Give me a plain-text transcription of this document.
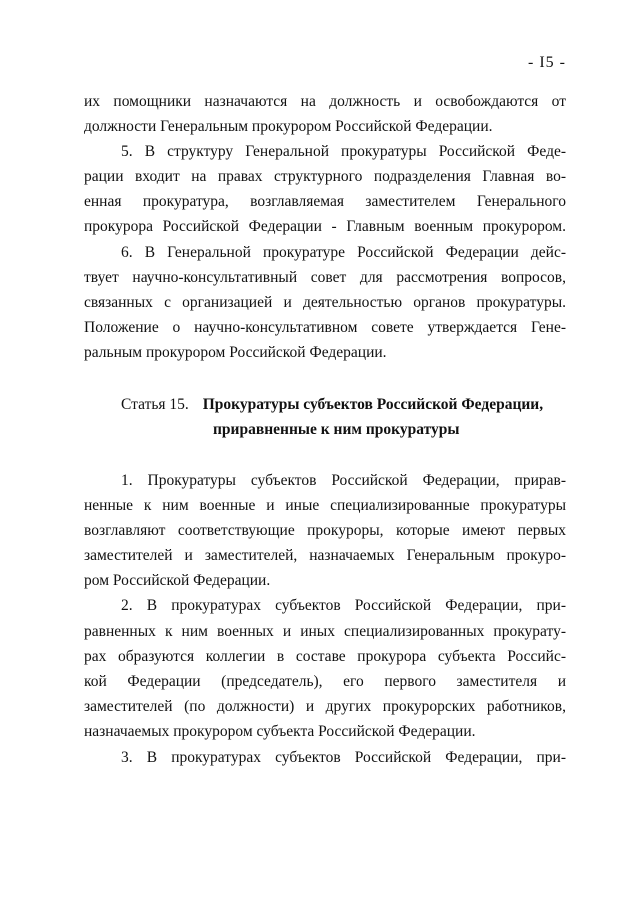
- I5 -
их помощники назначаются на должность и освобождаются от
должности Генеральным прокурором Российской Федерации.
5. В структуру Генеральной прокуратуры Российской Феде-
рации входит на правах структурного подразделения Главная во-
енная прокуратура, возглавляемая заместителем Генерального
прокурора Российской Федерации - Главным военным прокурором.
6. В Генеральной прокуратуре Российской Федерации дейс-
твует научно-консультативный совет для рассмотрения вопросов,
связанных с организацией и деятельностью органов прокуратуры.
Положение о научно-консультативном совете утверждается Гене-
ральным прокурором Российской Федерации.
Статья 15. Прокуратуры субъектов Российской Федерации,
приравненные к ним прокуратуры
1. Прокуратуры субъектов Российской Федерации, прирав-
ненные к ним военные и иные специализированные прокуратуры
возглавляют соответствующие прокуроры, которые имеют первых
заместителей и заместителей, назначаемых Генеральным прокуро-
ром Российской Федерации.
2. В прокуратурах субъектов Российской Федерации, при-
равненных к ним военных и иных специализированных прокурату-
рах образуются коллегии в составе прокурора субъекта Российс-
кой Федерации (председатель), его первого заместителя и
заместителей (по должности) и других прокурорских работников,
назначаемых прокурором субъекта Российской Федерации.
3. В прокуратурах субъектов Российской Федерации, при-
